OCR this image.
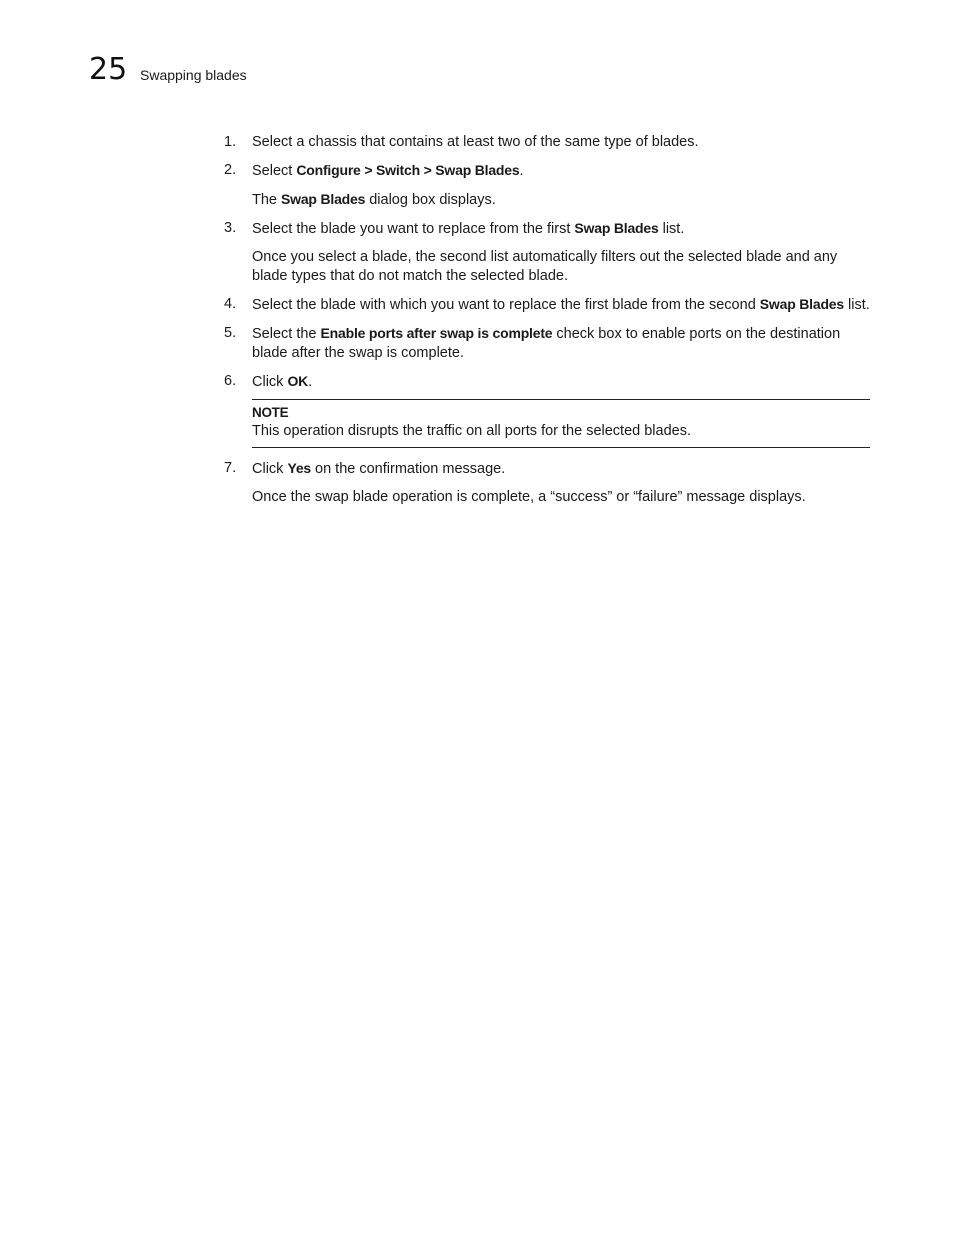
25 Swapping blades
1. Select a chassis that contains at least two of the same type of blades.
2. Select Configure > Switch > Swap Blades.
The Swap Blades dialog box displays.
3. Select the blade you want to replace from the first Swap Blades list.
Once you select a blade, the second list automatically filters out the selected blade and any blade types that do not match the selected blade.
4. Select the blade with which you want to replace the first blade from the second Swap Blades list.
5. Select the Enable ports after swap is complete check box to enable ports on the destination blade after the swap is complete.
6. Click OK.
NOTE
This operation disrupts the traffic on all ports for the selected blades.
7. Click Yes on the confirmation message.
Once the swap blade operation is complete, a “success” or “failure” message displays.
